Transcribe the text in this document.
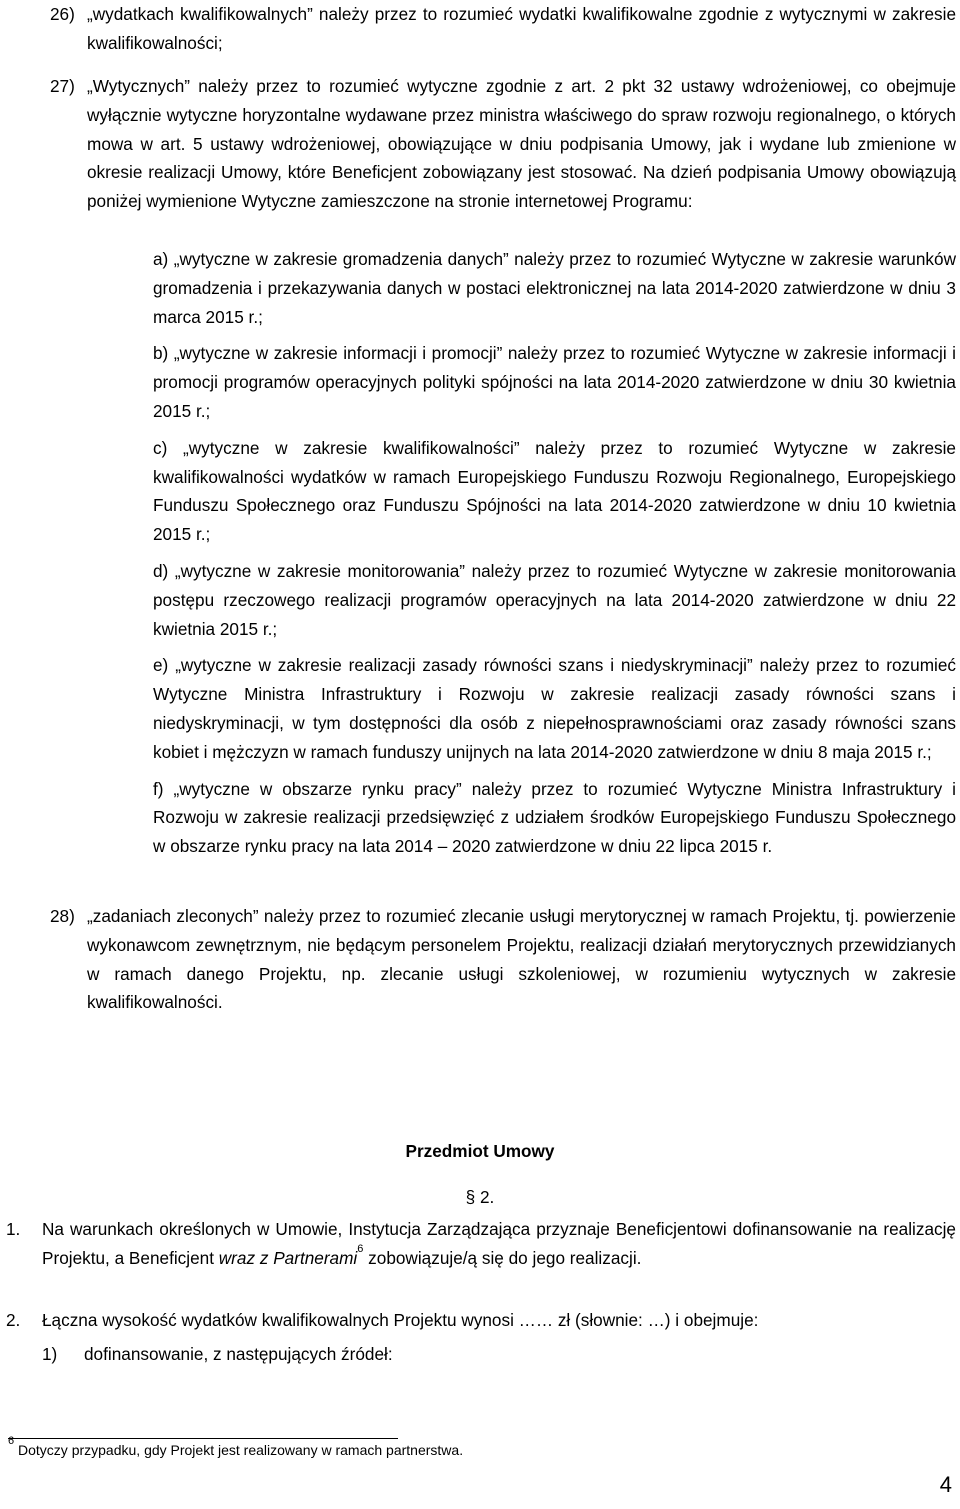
26) „wydatkach kwalifikowalnych” należy przez to rozumieć wydatki kwalifikowalne zgodnie z wytycznymi w zakresie kwalifikowalności;
27) „Wytycznych” należy przez to rozumieć wytyczne zgodnie z art. 2 pkt 32 ustawy wdrożeniowej, co obejmuje wyłącznie wytyczne horyzontalne wydawane przez ministra właściwego do spraw rozwoju regionalnego, o których mowa w art. 5 ustawy wdrożeniowej, obowiązujące w dniu podpisania Umowy, jak i wydane lub zmienione w okresie realizacji Umowy, które Beneficjent zobowiązany jest stosować. Na dzień podpisania Umowy obowiązują poniżej wymienione Wytyczne zamieszczone na stronie internetowej Programu:
a) „wytyczne w zakresie gromadzenia danych” należy przez to rozumieć Wytyczne w zakresie warunków gromadzenia i przekazywania danych w postaci elektronicznej na lata 2014-2020 zatwierdzone w dniu 3 marca 2015 r.;
b) „wytyczne w zakresie informacji i promocji” należy przez to rozumieć Wytyczne w zakresie informacji i promocji programów operacyjnych polityki spójności na lata 2014-2020 zatwierdzone w dniu 30 kwietnia 2015 r.;
c) „wytyczne w zakresie kwalifikowalności” należy przez to rozumieć Wytyczne w zakresie kwalifikowalności wydatków w ramach Europejskiego Funduszu Rozwoju Regionalnego, Europejskiego Funduszu Społecznego oraz Funduszu Spójności na lata 2014-2020 zatwierdzone w dniu 10 kwietnia 2015 r.;
d) „wytyczne w zakresie monitorowania” należy przez to rozumieć Wytyczne w zakresie monitorowania postępu rzeczowego realizacji programów operacyjnych na lata 2014-2020 zatwierdzone w dniu 22 kwietnia 2015 r.;
e) „wytyczne w zakresie realizacji zasady równości szans i niedyskryminacji” należy przez to rozumieć Wytyczne Ministra Infrastruktury i Rozwoju w zakresie realizacji zasady równości szans i niedyskryminacji, w tym dostępności dla osób z niepełnosprawnościami oraz zasady równości szans kobiet i mężczyzn w ramach funduszy unijnych na lata 2014-2020 zatwierdzone w dniu 8 maja 2015 r.;
f) „wytyczne w obszarze rynku pracy” należy przez to rozumieć Wytyczne Ministra Infrastruktury i Rozwoju w zakresie realizacji przedsięwzięć z udziałem środków Europejskiego Funduszu Społecznego w obszarze rynku pracy na lata 2014 – 2020 zatwierdzone w dniu 22 lipca 2015 r.
28) „zadaniach zleconych” należy przez to rozumieć zlecanie usługi merytorycznej w ramach Projektu, tj. powierzenie wykonawcom zewnętrznym, nie będącym personelem Projektu, realizacji działań merytorycznych przewidzianych w ramach danego Projektu, np. zlecanie usługi szkoleniowej, w rozumieniu wytycznych w zakresie kwalifikowalności.
Przedmiot Umowy
§ 2.
1. Na warunkach określonych w Umowie, Instytucja Zarządzająca przyznaje Beneficjentowi dofinansowanie na realizację Projektu, a Beneficjent wraz z Partnerami$^6$ zobowiązuje/ą się do jego realizacji.
2. Łączna wysokość wydatków kwalifikowalnych Projektu wynosi …… zł (słownie: …) i obejmuje:
1) dofinansowanie, z następujących źródeł:
$^6$ Dotyczy przypadku, gdy Projekt jest realizowany w ramach partnerstwa.
4
